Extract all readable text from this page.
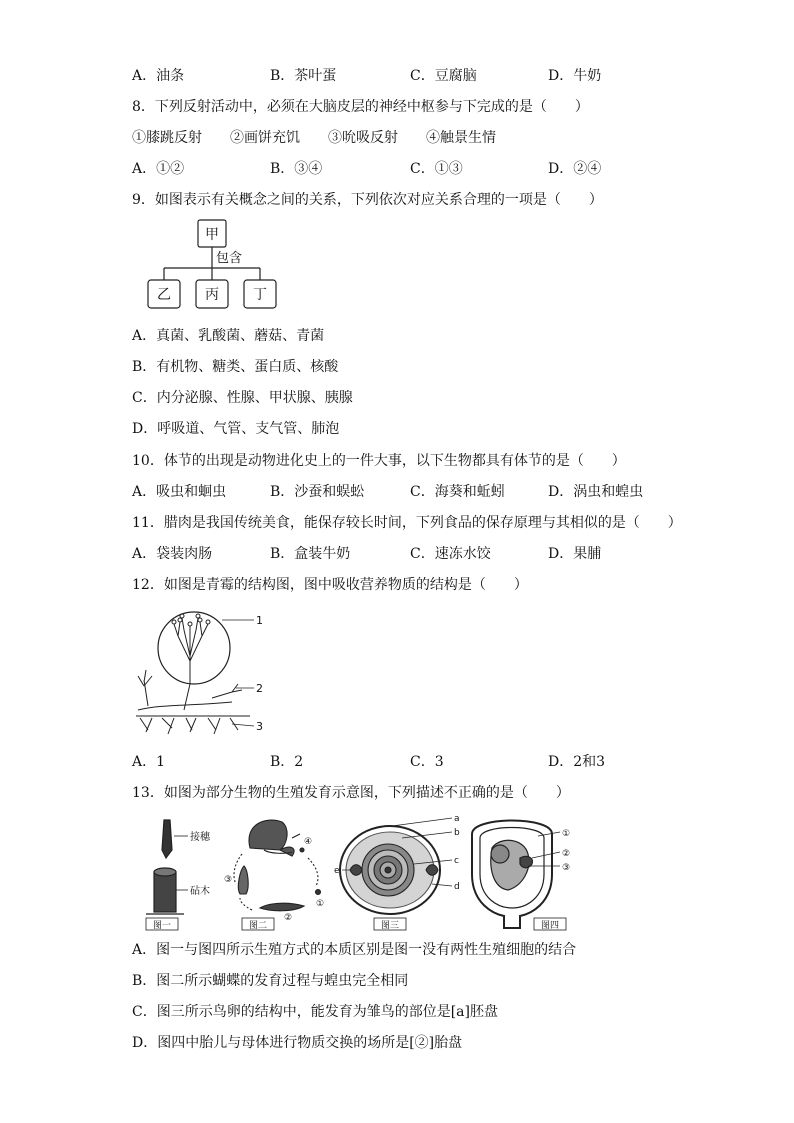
A．油条	B．茶叶蛋	C．豆腐脑	D．牛奶
8．下列反射活动中，必须在大脑皮层的神经中枢参与下完成的是（　　）
①膝跳反射　　②画饼充饥　　③吮吸反射　　④触景生情
A．①②	B．③④	C．①③	D．②④
9．如图表示有关概念之间的关系，下列依次对应关系合理的一项是（　　）
甲
包含
乙 丙 丁
A．真菌、乳酸菌、蘑菇、青菌
B．有机物、糖类、蛋白质、核酸
C．内分泌腺、性腺、甲状腺、胰腺
D．呼吸道、气管、支气管、肺泡
10．体节的出现是动物进化史上的一件大事，以下生物都具有体节的是（　　）
A．吸虫和蛔虫	B．沙蚕和蜈蚣	C．海葵和蚯蚓	D．涡虫和蝗虫
11．腊肉是我国传统美食，能保存较长时间，下列食品的保存原理与其相似的是（　　）
A．袋装肉肠	B．盒装牛奶	C．速冻水饺	D．果脯
12．如图是青霉的结构图，图中吸收营养物质的结构是（　　）
1
2
3
A．1	B．2	C．3	D．2和3
13．如图为部分生物的生殖发育示意图，下列描述不正确的是（　　）
接穗
砧木
图一
④
③
①
②
图二
a
b
c
d
e
图三
①
②
③
图四
A．图一与图四所示生殖方式的本质区别是图一没有两性生殖细胞的结合
B．图二所示蝴蝶的发育过程与蝗虫完全相同
C．图三所示鸟卵的结构中，能发育为雏鸟的部位是[a]胚盘
D．图四中胎儿与母体进行物质交换的场所是[②]胎盘
